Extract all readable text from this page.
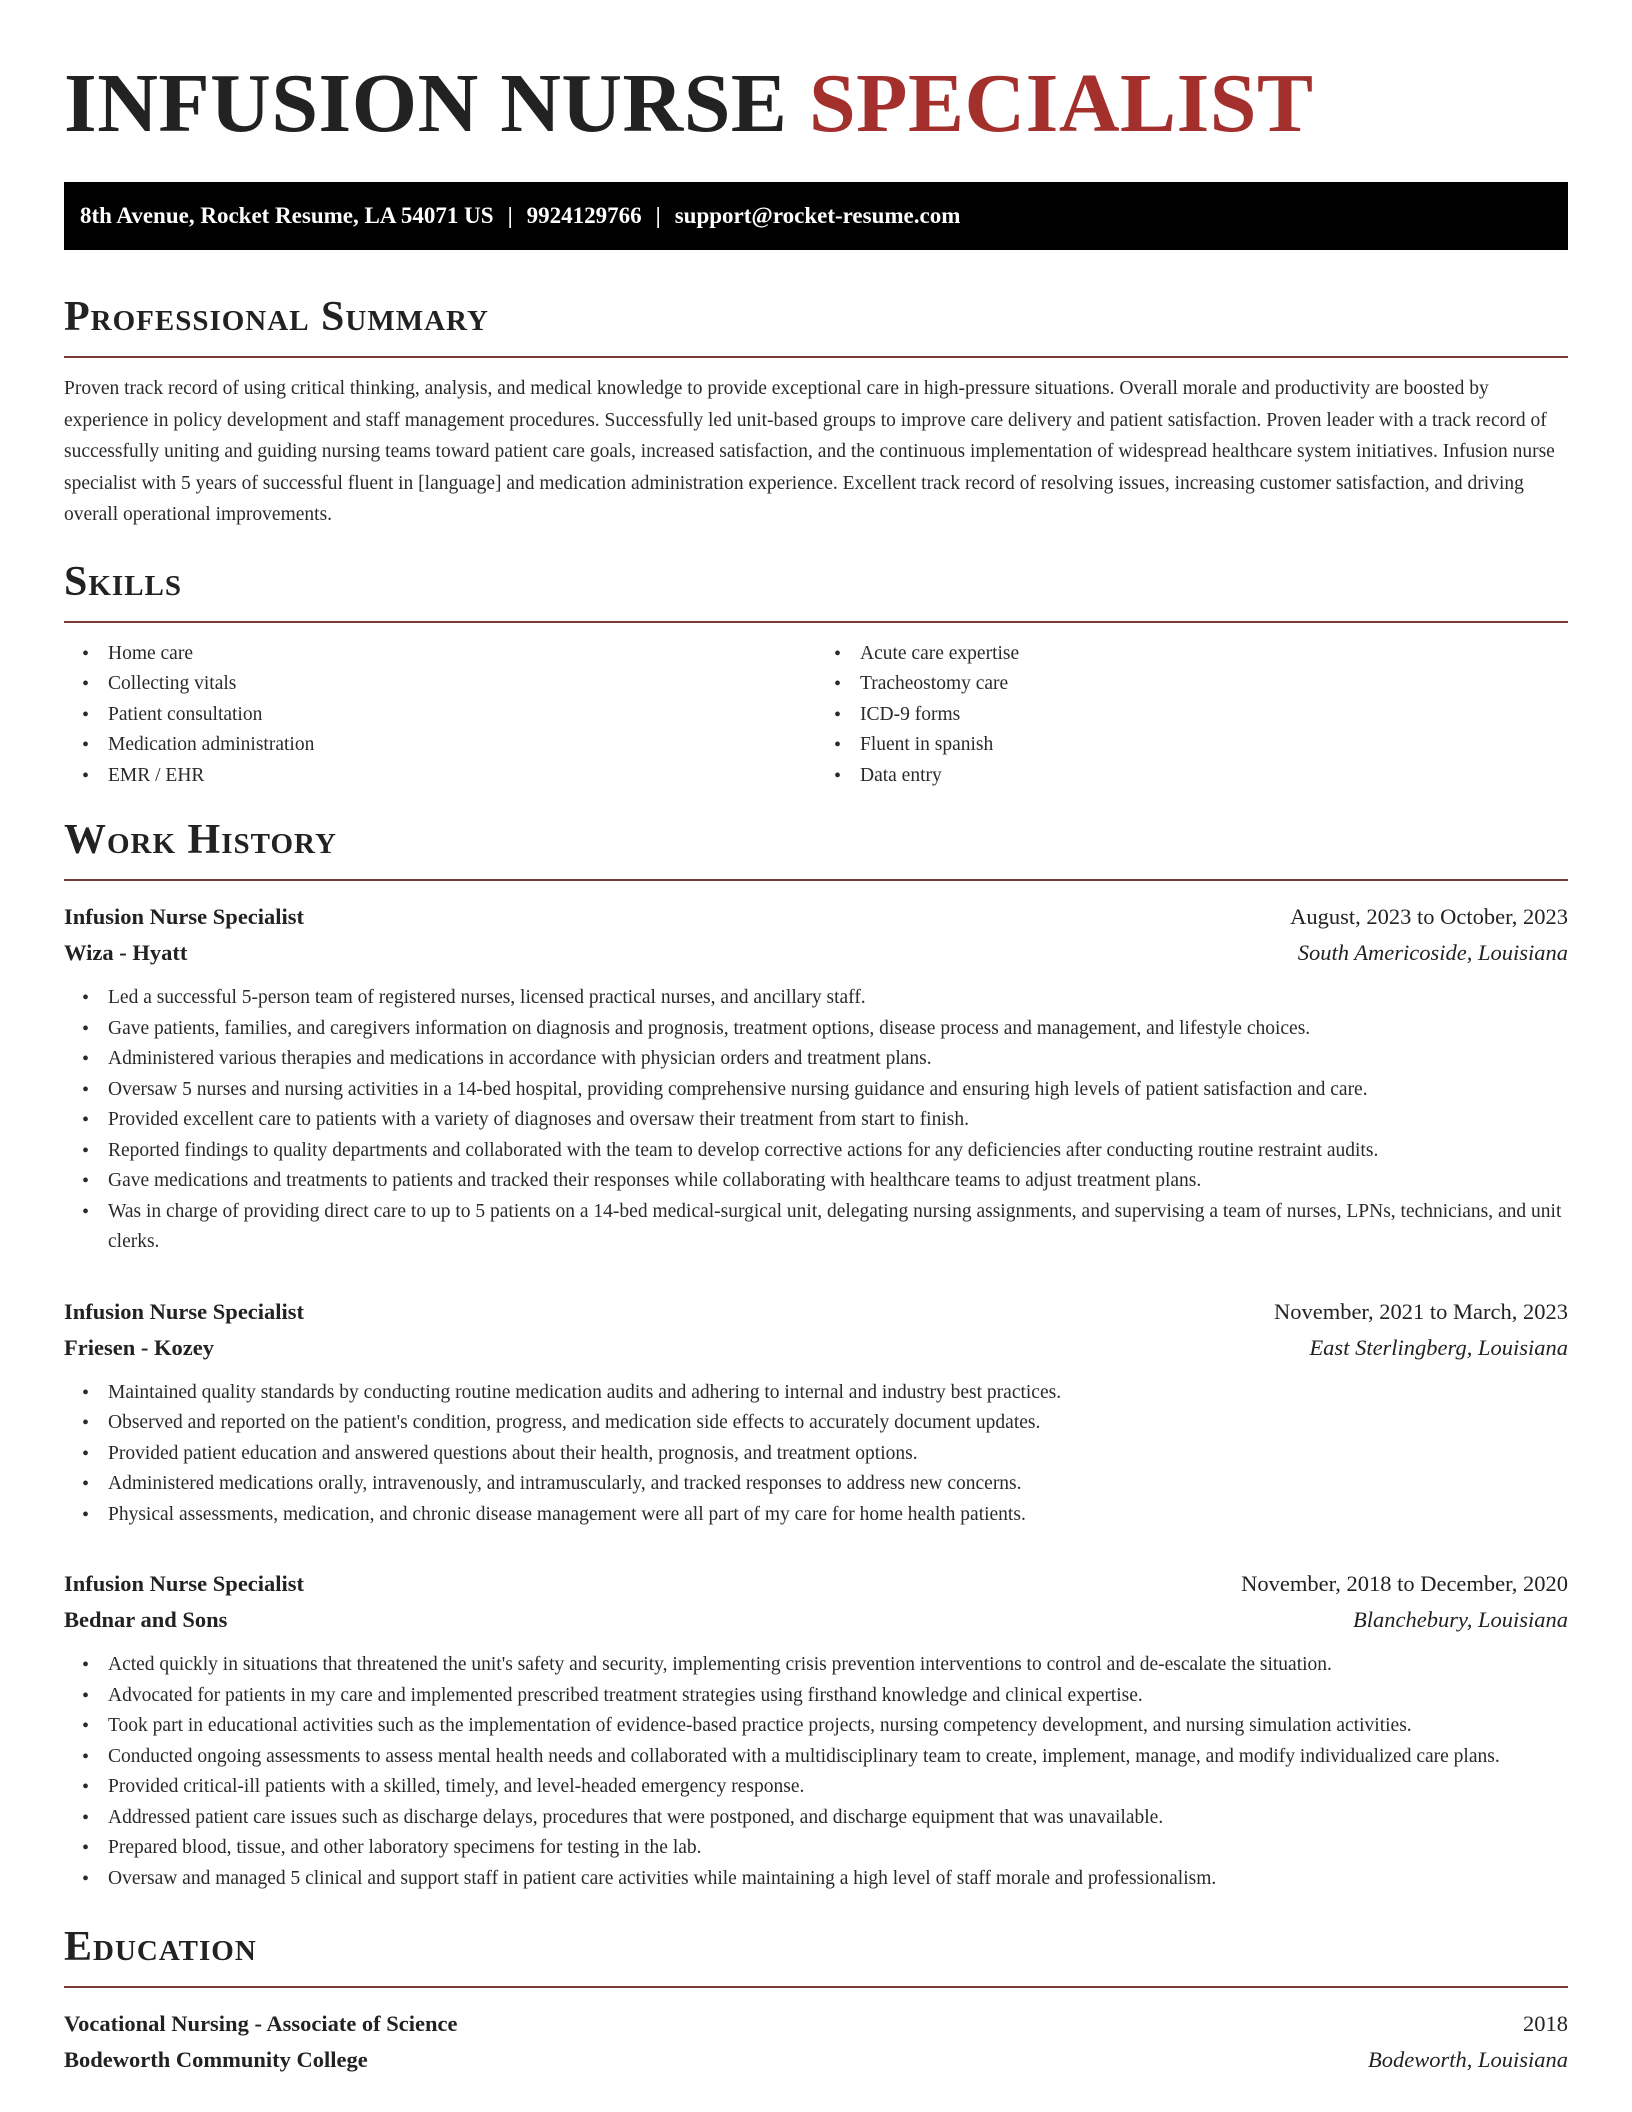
INFUSION NURSE SPECIALIST
8th Avenue, Rocket Resume, LA 54071 US | 9924129766 | support@rocket-resume.com
Professional Summary

Proven track record of using critical thinking, analysis, and medical knowledge to provide exceptional care in high-pressure situations. Overall morale and productivity are boosted by experience in policy development and staff management procedures. Successfully led unit-based groups to improve care delivery and patient satisfaction. Proven leader with a track record of successfully uniting and guiding nursing teams toward patient care goals, increased satisfaction, and the continuous implementation of widespread healthcare system initiatives. Infusion nurse specialist with 5 years of successful fluent in [language] and medication administration experience. Excellent track record of resolving issues, increasing customer satisfaction, and driving overall operational improvements.

Skills
• Home care
• Collecting vitals
• Patient consultation
• Medication administration
• EMR / EHR
• Acute care expertise
• Tracheostomy care
• ICD-9 forms
• Fluent in spanish
• Data entry
Work History
Infusion Nurse Specialist	August, 2023 to October, 2023
Wiza - Hyatt	South Americoside, Louisiana
• Led a successful 5-person team of registered nurses, licensed practical nurses, and ancillary staff.
• Gave patients, families, and caregivers information on diagnosis and prognosis, treatment options, disease process and management, and lifestyle choices.
• Administered various therapies and medications in accordance with physician orders and treatment plans.
• Oversaw 5 nurses and nursing activities in a 14-bed hospital, providing comprehensive nursing guidance and ensuring high levels of patient satisfaction and care.
• Provided excellent care to patients with a variety of diagnoses and oversaw their treatment from start to finish.
• Reported findings to quality departments and collaborated with the team to develop corrective actions for any deficiencies after conducting routine restraint audits.
• Gave medications and treatments to patients and tracked their responses while collaborating with healthcare teams to adjust treatment plans.
• Was in charge of providing direct care to up to 5 patients on a 14-bed medical-surgical unit, delegating nursing assignments, and supervising a team of nurses, LPNs, technicians, and unit clerks.
Infusion Nurse Specialist	November, 2021 to March, 2023
Friesen - Kozey	East Sterlingberg, Louisiana
• Maintained quality standards by conducting routine medication audits and adhering to internal and industry best practices.
• Observed and reported on the patient's condition, progress, and medication side effects to accurately document updates.
• Provided patient education and answered questions about their health, prognosis, and treatment options.
• Administered medications orally, intravenously, and intramuscularly, and tracked responses to address new concerns.
• Physical assessments, medication, and chronic disease management were all part of my care for home health patients.
Infusion Nurse Specialist	November, 2018 to December, 2020
Bednar and Sons	Blanchebury, Louisiana
• Acted quickly in situations that threatened the unit's safety and security, implementing crisis prevention interventions to control and de-escalate the situation.
• Advocated for patients in my care and implemented prescribed treatment strategies using firsthand knowledge and clinical expertise.
• Took part in educational activities such as the implementation of evidence-based practice projects, nursing competency development, and nursing simulation activities.
• Conducted ongoing assessments to assess mental health needs and collaborated with a multidisciplinary team to create, implement, manage, and modify individualized care plans.
• Provided critical-ill patients with a skilled, timely, and level-headed emergency response.
• Addressed patient care issues such as discharge delays, procedures that were postponed, and discharge equipment that was unavailable.
• Prepared blood, tissue, and other laboratory specimens for testing in the lab.
• Oversaw and managed 5 clinical and support staff in patient care activities while maintaining a high level of staff morale and professionalism.
Education
Vocational Nursing - Associate of Science	2018
Bodeworth Community College	Bodeworth, Louisiana
